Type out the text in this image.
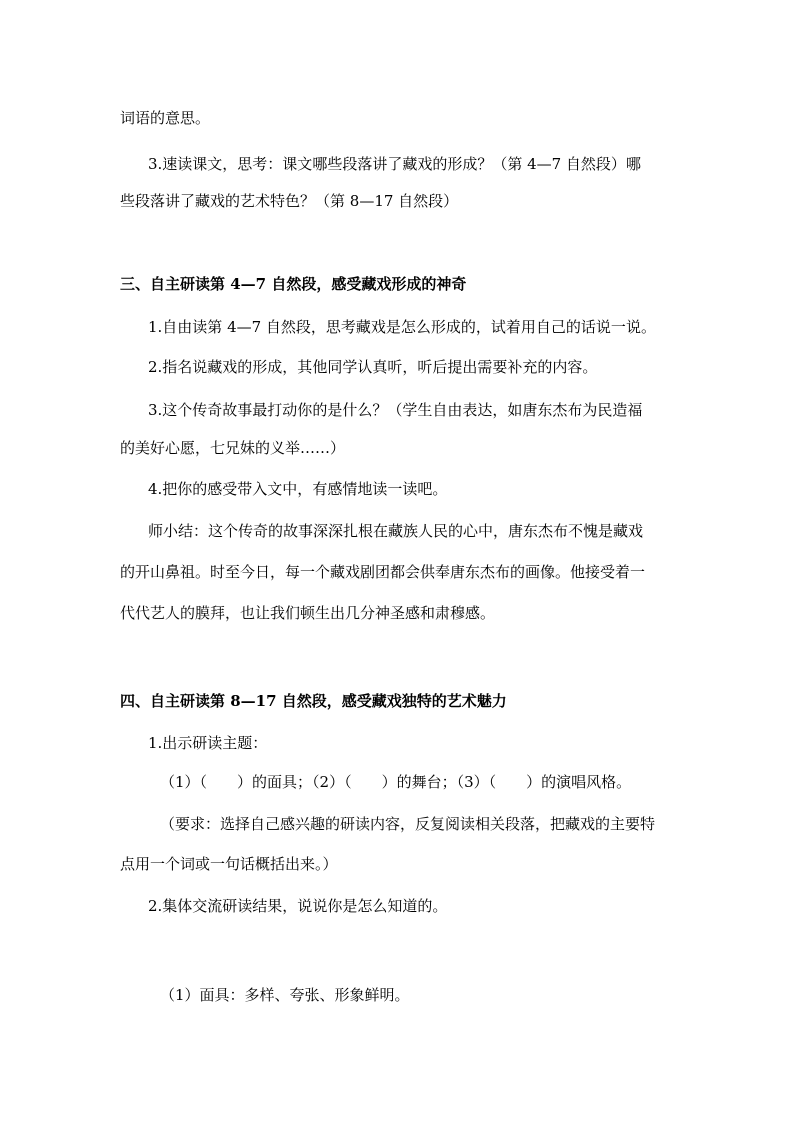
词语的意思。
3.速读课文，思考：课文哪些段落讲了藏戏的形成？（第 4—7 自然段）哪
些段落讲了藏戏的艺术特色？（第 8—17 自然段）
三、自主研读第 4—7 自然段，感受藏戏形成的神奇
1.自由读第 4—7 自然段，思考藏戏是怎么形成的，试着用自己的话说一说。
2.指名说藏戏的形成，其他同学认真听，听后提出需要补充的内容。
3.这个传奇故事最打动你的是什么？（学生自由表达，如唐东杰布为民造福
的美好心愿，七兄妹的义举……）
4.把你的感受带入文中，有感情地读一读吧。
师小结：这个传奇的故事深深扎根在藏族人民的心中，唐东杰布不愧是藏戏
的开山鼻祖。时至今日，每一个藏戏剧团都会供奉唐东杰布的画像。他接受着一
代代艺人的膜拜，也让我们顿生出几分神圣感和肃穆感。
四、自主研读第 8—17 自然段，感受藏戏独特的艺术魅力
1.出示研读主题：
（1）（　　）的面具；（2）（　　）的舞台；（3）（　　）的演唱风格。
（要求：选择自己感兴趣的研读内容，反复阅读相关段落，把藏戏的主要特
点用一个词或一句话概括出来。）
2.集体交流研读结果，说说你是怎么知道的。
（1）面具：多样、夸张、形象鲜明。
